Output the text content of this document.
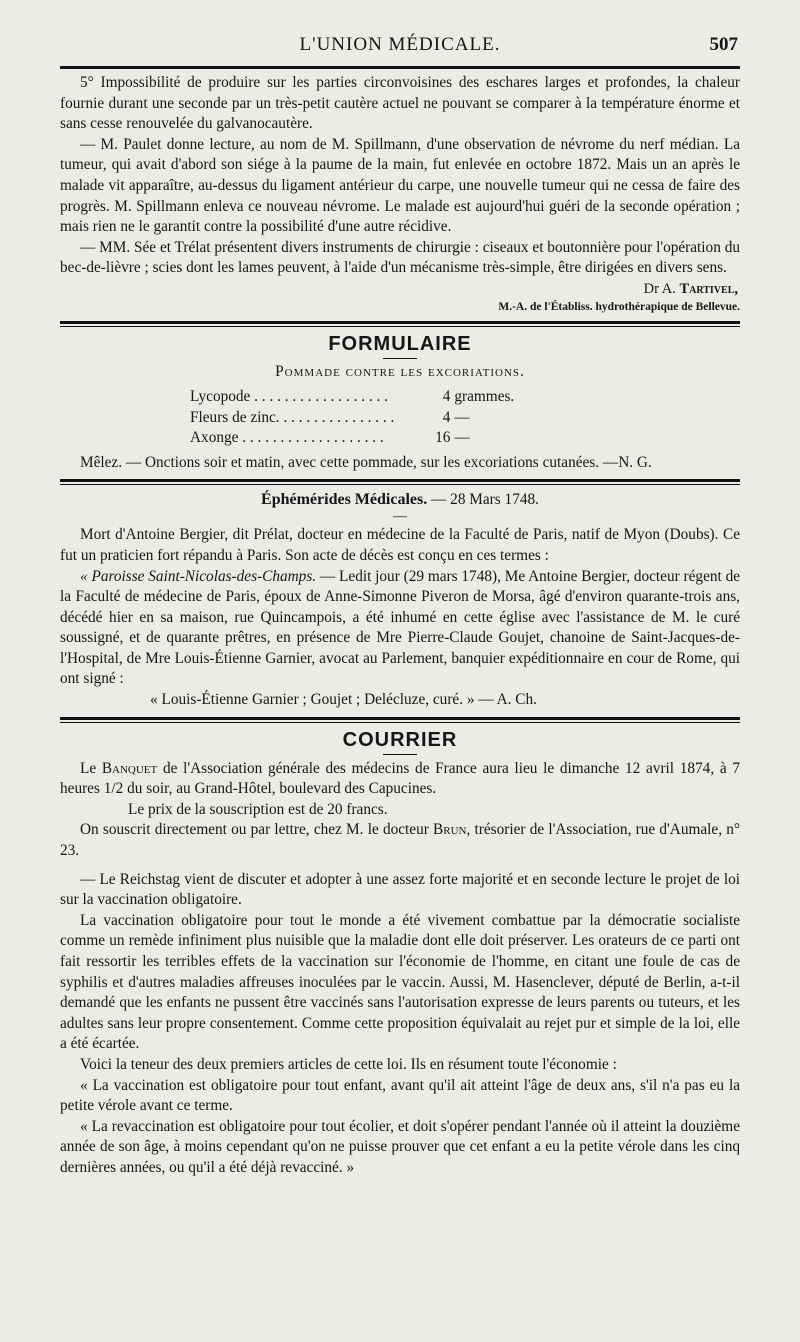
L'UNION MÉDICALE.	507

5° Impossibilité de produire sur les parties circonvoisines des eschares larges et profondes, la chaleur fournie durant une seconde par un très-petit cautère actuel ne pouvant se comparer à la température énorme et sans cesse renouvelée du galvanocautère.

— M. Paulet donne lecture, au nom de M. Spillmann, d'une observation de névrome du nerf médian. La tumeur, qui avait d'abord son siége à la paume de la main, fut enlevée en octobre 1872. Mais un an après le malade vit apparaître, au-dessus du ligament antérieur du carpe, une nouvelle tumeur qui ne cessa de faire des progrès. M. Spillmann enleva ce nouveau névrome. Le malade est aujourd'hui guéri de la seconde opération ; mais rien ne le garantit contre la possibilité d'une autre récidive.

— MM. Sée et Trélat présentent divers instruments de chirurgie : ciseaux et boutonnière pour l'opération du bec-de-lièvre ; scies dont les lames peuvent, à l'aide d'un mécanisme très-simple, être dirigées en divers sens.

Dr A. Tartivel,
M.-A. de l'Établiss. hydrothérapique de Bellevue.
FORMULAIRE
Pommade contre les excoriations.
Lycopode . . . . . . . . . . . . . . . . . .	4	grammes.
Fleurs de zinc. . . . . . . . . . . . . . . .	4	—
Axonge . . . . . . . . . . . . . . . . . . .	16	—

Mêlez. — Onctions soir et matin, avec cette pommade, sur les excoriations cutanées. —N. G.

Éphémérides Médicales. — 28 Mars 1748.
—

Mort d'Antoine Bergier, dit Prélat, docteur en médecine de la Faculté de Paris, natif de Myon (Doubs). Ce fut un praticien fort répandu à Paris. Son acte de décès est conçu en ces termes :

« Paroisse Saint-Nicolas-des-Champs. — Ledit jour (29 mars 1748), Me Antoine Bergier, docteur régent de la Faculté de médecine de Paris, époux de Anne-Simonne Piveron de Morsa, âgé d'environ quarante-trois ans, décédé hier en sa maison, rue Quincampois, a été inhumé en cette église avec l'assistance de M. le curé soussigné, et de quarante prêtres, en présence de Mre Pierre-Claude Goujet, chanoine de Saint-Jacques-de-l'Hospital, de Mre Louis-Étienne Garnier, avocat au Parlement, banquier expéditionnaire en cour de Rome, qui ont signé :

« Louis-Étienne Garnier ; Goujet ; Delécluze, curé. » — A. Ch.

COURRIER

Le Banquet de l'Association générale des médecins de France aura lieu le dimanche 12 avril 1874, à 7 heures 1/2 du soir, au Grand-Hôtel, boulevard des Capucines.

Le prix de la souscription est de 20 francs.

On souscrit directement ou par lettre, chez M. le docteur Brun, trésorier de l'Association, rue d'Aumale, n° 23.

— Le Reichstag vient de discuter et adopter à une assez forte majorité et en seconde lecture le projet de loi sur la vaccination obligatoire.

La vaccination obligatoire pour tout le monde a été vivement combattue par la démocratie socialiste comme un remède infiniment plus nuisible que la maladie dont elle doit préserver. Les orateurs de ce parti ont fait ressortir les terribles effets de la vaccination sur l'économie de l'homme, en citant une foule de cas de syphilis et d'autres maladies affreuses inoculées par le vaccin. Aussi, M. Hasenclever, député de Berlin, a-t-il demandé que les enfants ne pussent être vaccinés sans l'autorisation expresse de leurs parents ou tuteurs, et les adultes sans leur propre consentement. Comme cette proposition équivalait au rejet pur et simple de la loi, elle a été écartée.

Voici la teneur des deux premiers articles de cette loi. Ils en résument toute l'économie :

« La vaccination est obligatoire pour tout enfant, avant qu'il ait atteint l'âge de deux ans, s'il n'a pas eu la petite vérole avant ce terme.

« La revaccination est obligatoire pour tout écolier, et doit s'opérer pendant l'année où il atteint la douzième année de son âge, à moins cependant qu'on ne puisse prouver que cet enfant a eu la petite vérole dans les cinq dernières années, ou qu'il a été déjà revacciné. »
